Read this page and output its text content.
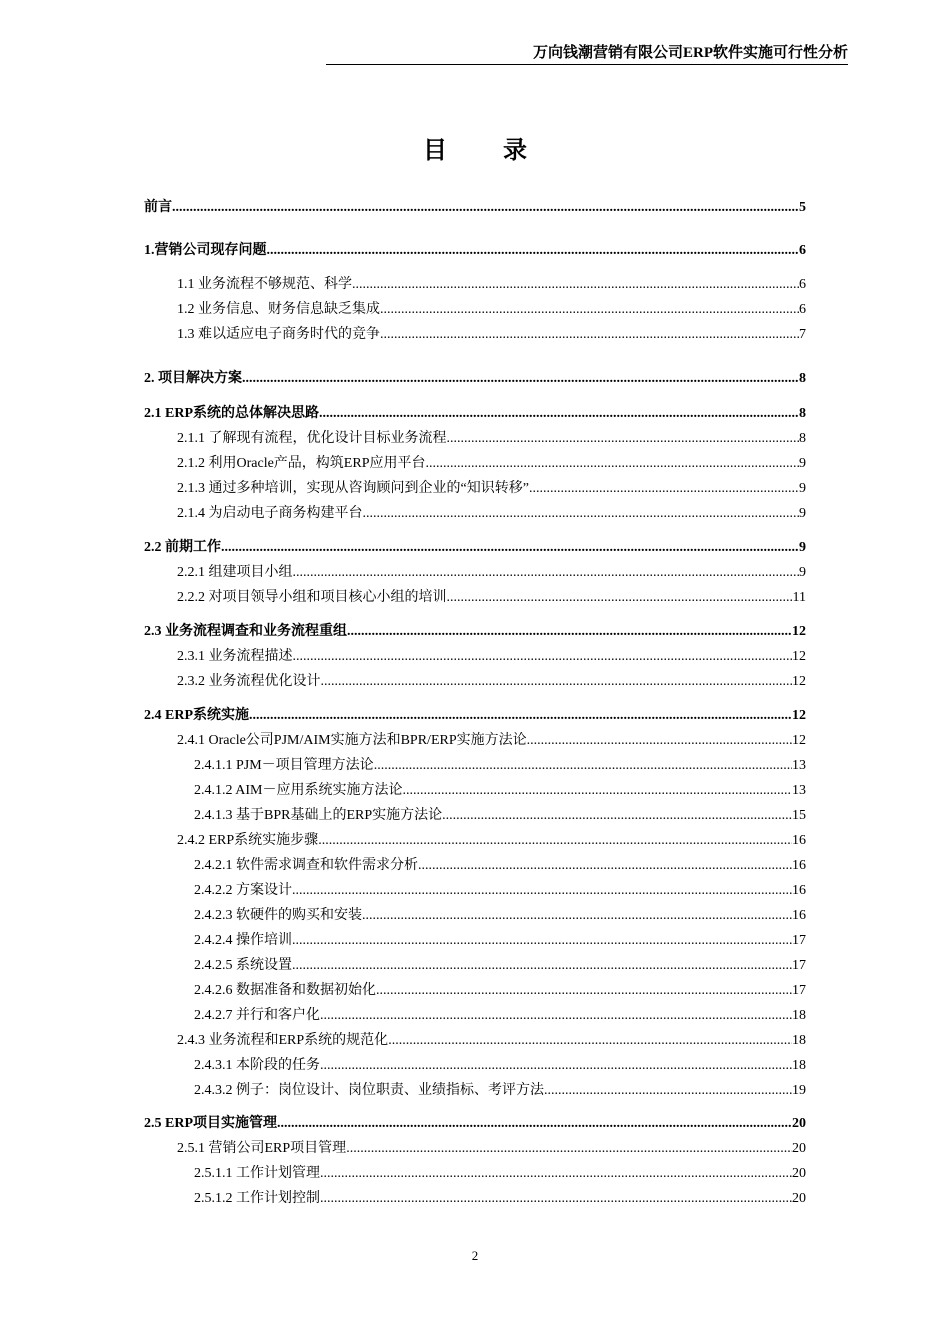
万向钱潮营销有限公司ERP软件实施可行性分析
目录
前言 .....	5
1.营销公司现存问题 .....	6
1.1 业务流程不够规范、科学 .....	6
1.2 业务信息、财务信息缺乏集成 .....	6
1.3 难以适应电子商务时代的竞争 .....	7
2. 项目解决方案 .....	8
2.1 ERP系统的总体解决思路 .....	8
2.1.1 了解现有流程，优化设计目标业务流程 .....	8
2.1.2 利用Oracle产品，构筑ERP应用平台 .....	9
2.1.3 通过多种培训，实现从咨询顾问到企业的“知识转移” .....	9
2.1.4 为启动电子商务构建平台 .....	9
2.2 前期工作 .....	9
2.2.1 组建项目小组 .....	9
2.2.2 对项目领导小组和项目核心小组的培训 .....	11
2.3 业务流程调查和业务流程重组 .....	12
2.3.1 业务流程描述 .....	12
2.3.2 业务流程优化设计 .....	12
2.4 ERP系统实施 .....	12
2.4.1 Oracle公司PJM/AIM实施方法和BPR/ERP实施方法论 .....	12
2.4.1.1 PJM－项目管理方法论 .....	13
2.4.1.2 AIM－应用系统实施方法论 .....	13
2.4.1.3 基于BPR基础上的ERP实施方法论 .....	15
2.4.2 ERP系统实施步骤 .....	16
2.4.2.1 软件需求调查和软件需求分析 .....	16
2.4.2.2 方案设计 .....	16
2.4.2.3 软硬件的购买和安装 .....	16
2.4.2.4 操作培训 .....	17
2.4.2.5 系统设置 .....	17
2.4.2.6 数据准备和数据初始化 .....	17
2.4.2.7 并行和客户化 .....	18
2.4.3 业务流程和ERP系统的规范化 .....	18
2.4.3.1 本阶段的任务 .....	18
2.4.3.2 例子：岗位设计、岗位职责、业绩指标、考评方法 .....	19
2.5 ERP项目实施管理 .....	20
2.5.1 营销公司ERP项目管理 .....	20
2.5.1.1 工作计划管理 .....	20
2.5.1.2 工作计划控制 .....	20
2
